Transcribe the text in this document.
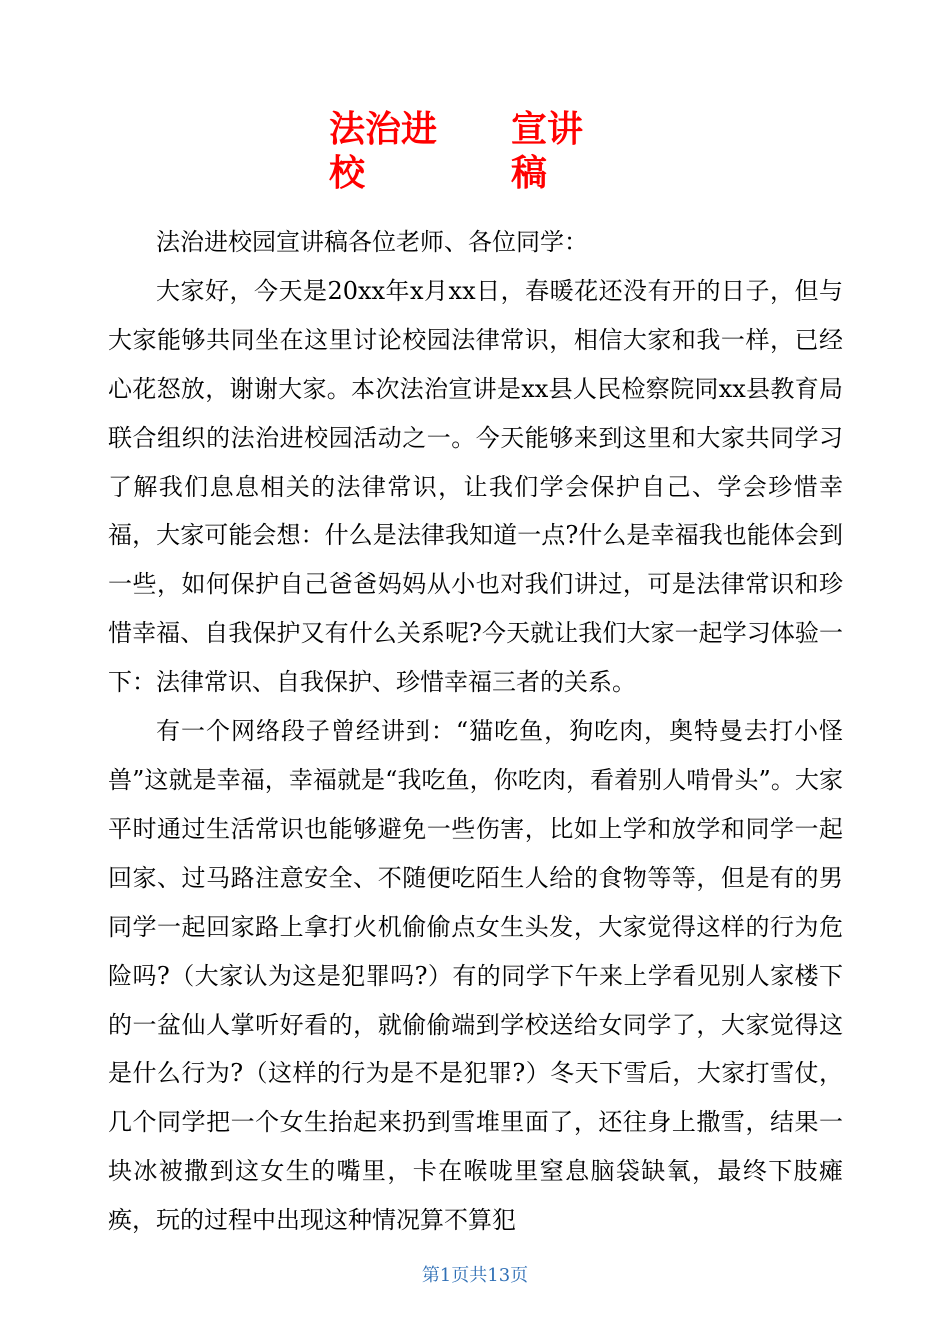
法治进 宣讲
校	稿

法治进校园宣讲稿各位老师、各位同学：

大家好，今天是20xx年x月xx日，春暖花还没有开的日子，但与大家能够共同坐在这里讨论校园法律常识，相信大家和我一样，已经心花怒放，谢谢大家。本次法治宣讲是xx县人民检察院同xx县教育局联合组织的法治进校园活动之一。今天能够来到这里和大家共同学习了解我们息息相关的法律常识，让我们学会保护自己、学会珍惜幸福，大家可能会想：什么是法律我知道一点?什么是幸福我也能体会到一些，如何保护自己爸爸妈妈从小也对我们讲过，可是法律常识和珍惜幸福、自我保护又有什么关系呢?今天就让我们大家一起学习体验一下：法律常识、自我保护、珍惜幸福三者的关系。

有一个网络段子曾经讲到：“猫吃鱼，狗吃肉，奥特曼去打小怪兽”这就是幸福，幸福就是“我吃鱼，你吃肉，看着别人啃骨头”。大家平时通过生活常识也能够避免一些伤害，比如上学和放学和同学一起回家、过马路注意安全、不随便吃陌生人给的食物等等，但是有的男同学一起回家路上拿打火机偷偷点女生头发，大家觉得这样的行为危险吗?（大家认为这是犯罪吗?）有的同学下午来上学看见别人家楼下的一盆仙人掌听好看的，就偷偷端到学校送给女同学了，大家觉得这是什么行为?（这样的行为是不是犯罪?）冬天下雪后，大家打雪仗，几个同学把一个女生抬起来扔到雪堆里面了，还往身上撒雪，结果一块冰被撒到这女生的嘴里，卡在喉咙里窒息脑袋缺氧，最终下肢瘫痪，玩的过程中出现这种情况算不算犯

第1页共13页
